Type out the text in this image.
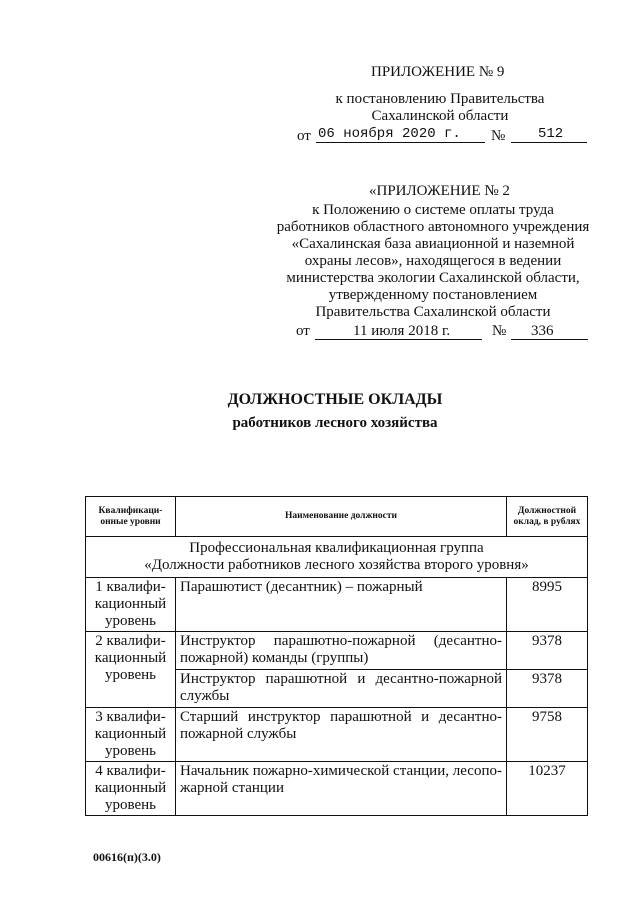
ПРИЛОЖЕНИЕ № 9
к постановлению Правительства
Сахалинской области
от 06 ноября 2020 г. № 512
«ПРИЛОЖЕНИЕ № 2
к Положению о системе оплаты труда
работников областного автономного учреждения
«Сахалинская база авиационной и наземной
охраны лесов», находящегося в ведении
министерства экологии Сахалинской области,
утвержденному постановлением
Правительства Сахалинской области
от	11 июля 2018 г.	№ 336
ДОЛЖНОСТНЫЕ ОКЛАДЫ
работников лесного хозяйства
Квалификаци-онные уровни	Наименование должности	Должностной оклад, в рублях

Профессиональная квалификационная группа
«Должности работников лесного хозяйства второго уровня»		

1 квалифи-кационный уровень	Парашютист (десантник) – пожарный	8995
2 квалифи-кационный уровень	Инструктор парашютно-пожарной (десантно-пожарной) команды (группы)	9378
	Инструктор парашютной и десантно-пожарной службы	9378
3 квалифи-кационный уровень	Старший инструктор парашютной и десантно-пожарной службы	9758
4 квалифи-кационный уровень	Начальник пожарно-химической станции, лесопо-жарной станции	10237
00616(п)(3.0)
